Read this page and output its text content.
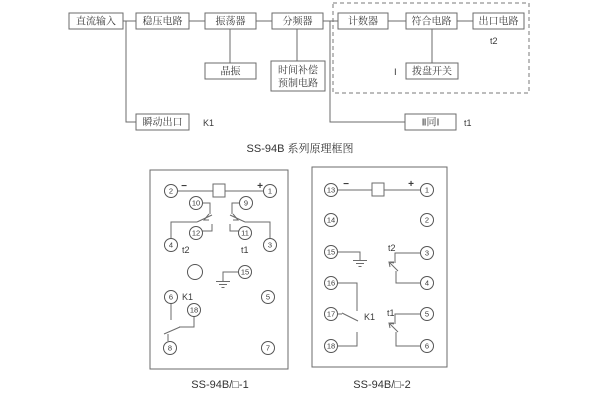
直流输入	稳压电路	振荡器	分频器	计数器	符合电路	出口电路
晶振	时间补偿
预制电路
拨盘开关
瞬动出口	Ⅱ同Ⅰ
K1	t1
t2
Ⅰ
SS-94B 系列原理框图
−	+
2	1
10	9
12	11
4	3
15
6
18
5
8	7
t2	t1
K1
SS-94B/□-1
−	+
13	1
14	2
15	3
16	4
17	5
18	6
t2
t1
K1
SS-94B/□-2
